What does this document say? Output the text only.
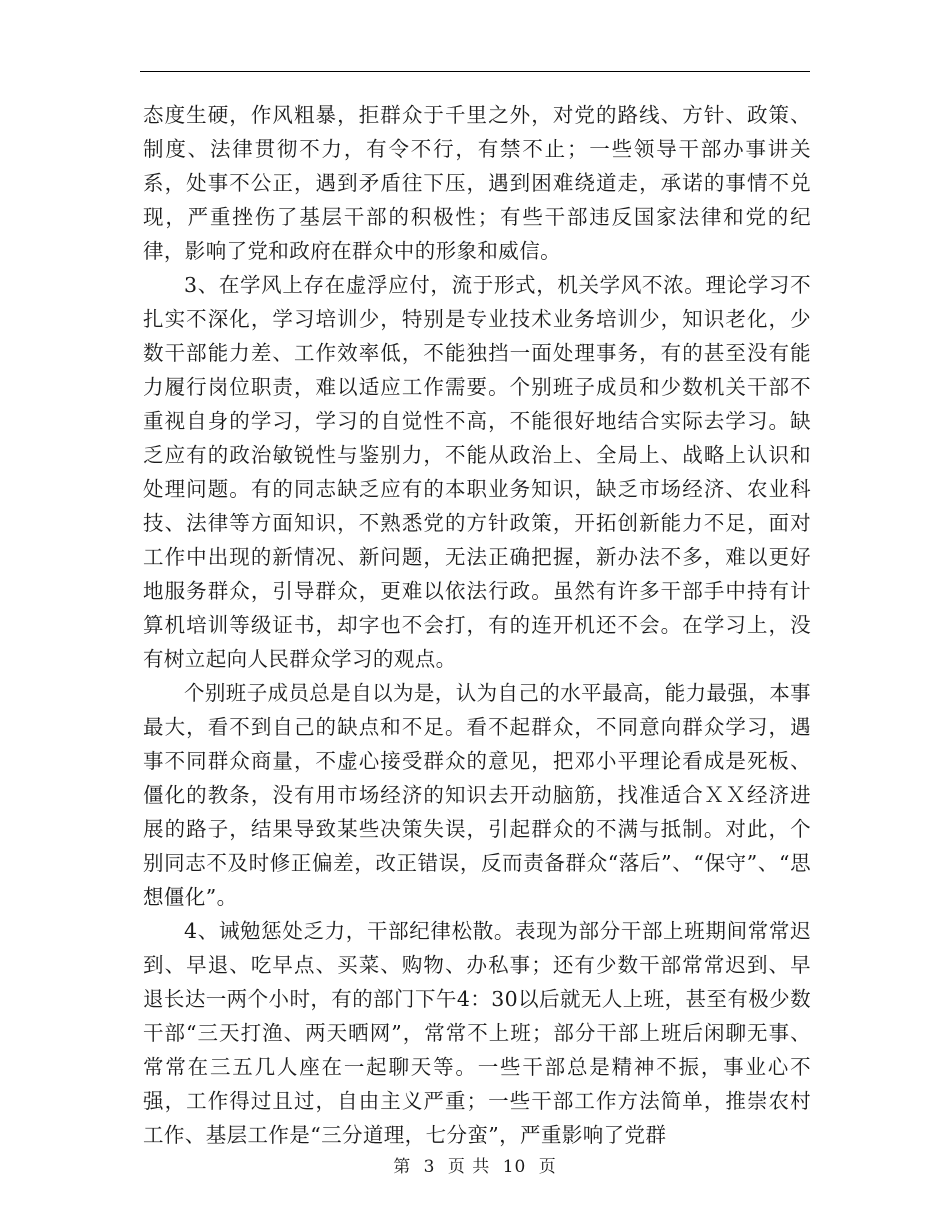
态度生硬，作风粗暴，拒群众于千里之外，对党的路线、方针、政策、制度、法律贯彻不力，有令不行，有禁不止；一些领导干部办事讲关系，处事不公正，遇到矛盾往下压，遇到困难绕道走，承诺的事情不兑现，严重挫伤了基层干部的积极性；有些干部违反国家法律和党的纪律，影响了党和政府在群众中的形象和威信。

3、在学风上存在虚浮应付，流于形式，机关学风不浓。理论学习不扎实不深化，学习培训少，特别是专业技术业务培训少，知识老化，少数干部能力差、工作效率低，不能独挡一面处理事务，有的甚至没有能力履行岗位职责，难以适应工作需要。个别班子成员和少数机关干部不重视自身的学习，学习的自觉性不高，不能很好地结合实际去学习。缺乏应有的政治敏锐性与鉴别力，不能从政治上、全局上、战略上认识和处理问题。有的同志缺乏应有的本职业务知识，缺乏市场经济、农业科技、法律等方面知识，不熟悉党的方针政策，开拓创新能力不足，面对工作中出现的新情况、新问题，无法正确把握，新办法不多，难以更好地服务群众，引导群众，更难以依法行政。虽然有许多干部手中持有计算机培训等级证书，却字也不会打，有的连开机还不会。在学习上，没有树立起向人民群众学习的观点。

个别班子成员总是自以为是，认为自己的水平最高，能力最强，本事最大，看不到自己的缺点和不足。看不起群众，不同意向群众学习，遇事不同群众商量，不虚心接受群众的意见，把邓小平理论看成是死板、僵化的教条，没有用市场经济的知识去开动脑筋，找准适合ＸＸ经济进展的路子，结果导致某些决策失误，引起群众的不满与抵制。对此，个别同志不及时修正偏差，改正错误，反而责备群众“落后”、“保守”、“思想僵化”。

4、诫勉惩处乏力，干部纪律松散。表现为部分干部上班期间常常迟到、早退、吃早点、买菜、购物、办私事；还有少数干部常常迟到、早退长达一两个小时，有的部门下午4：30以后就无人上班，甚至有极少数干部“三天打渔、两天晒网”，常常不上班；部分干部上班后闲聊无事、常常在三五几人座在一起聊天等。一些干部总是精神不振，事业心不强，工作得过且过，自由主义严重；一些干部工作方法简单，推崇农村工作、基层工作是“三分道理，七分蛮”，严重影响了党群

第 3 页 共 10 页
